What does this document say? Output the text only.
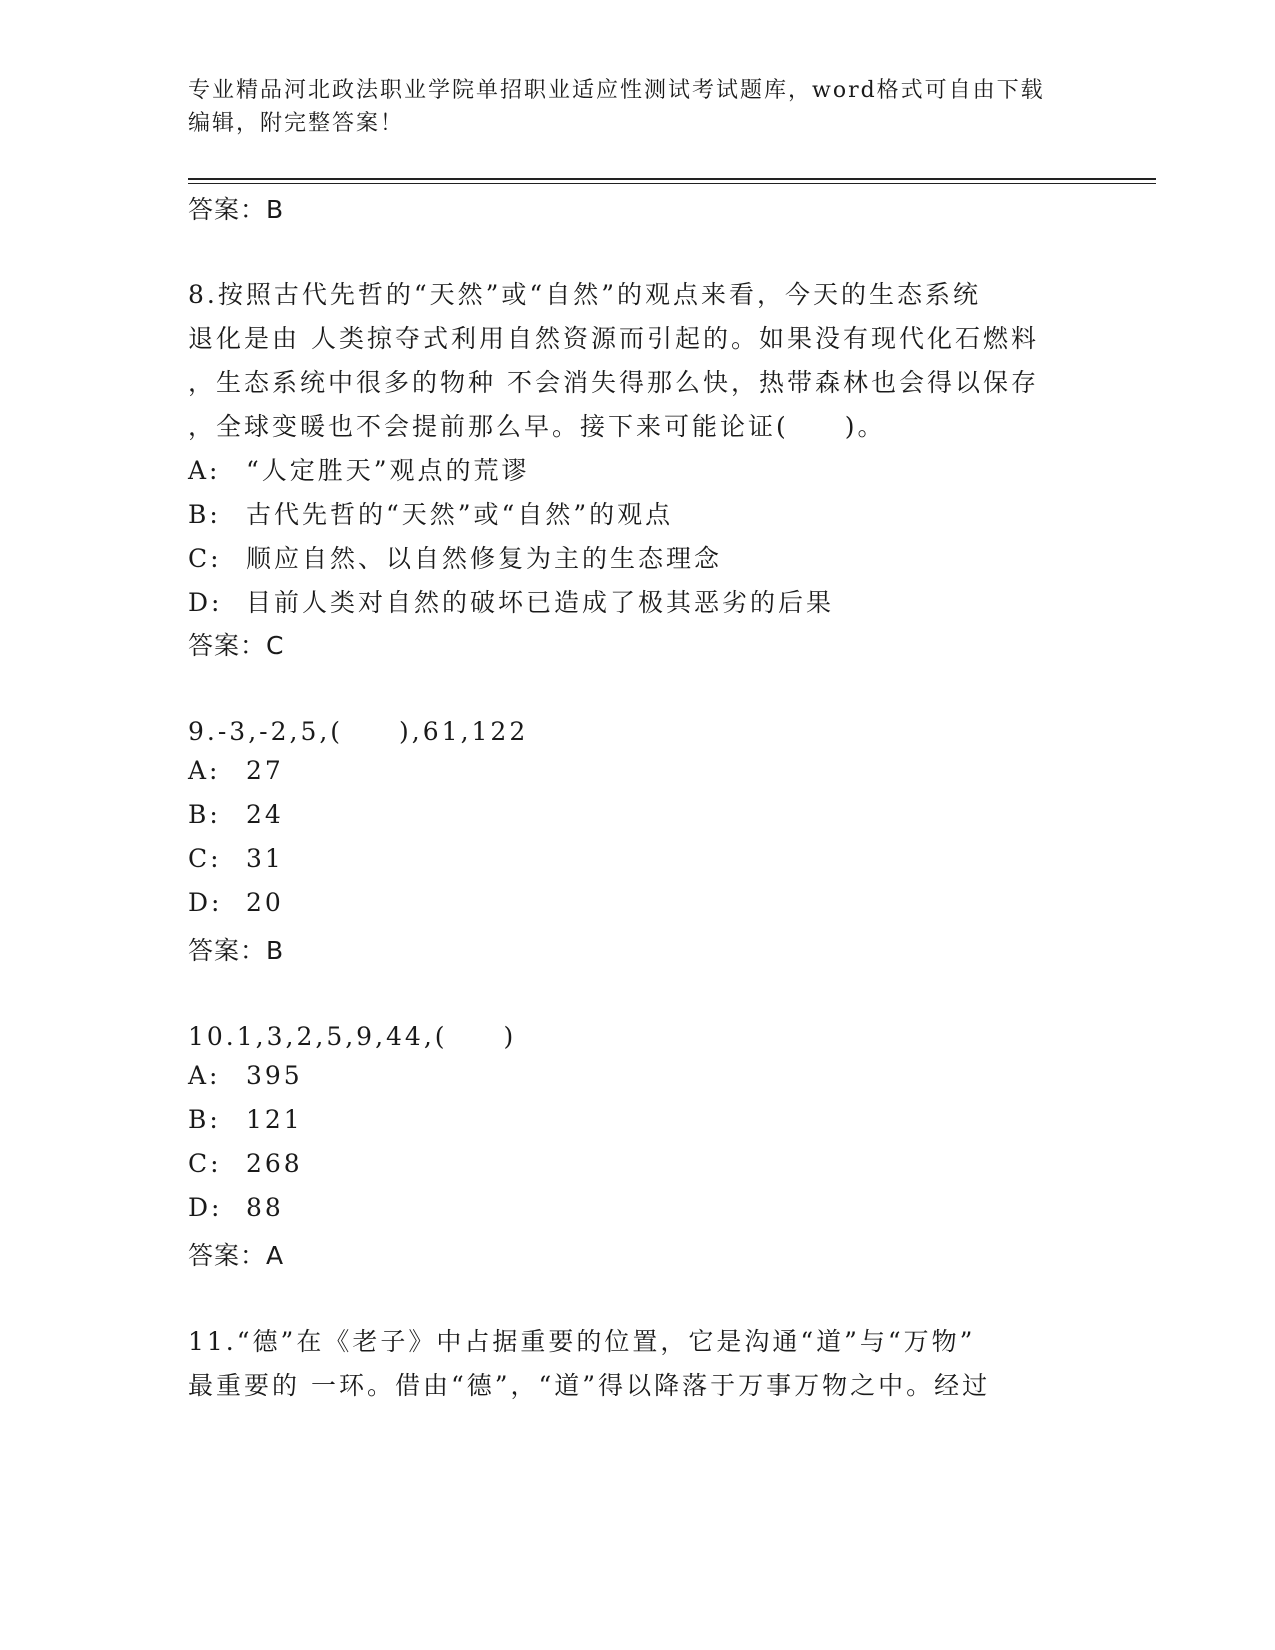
专业精品河北政法职业学院单招职业适应性测试考试题库，word格式可自由下载
编辑，附完整答案！
答案：B
8.按照古代先哲的“天然”或“自然”的观点来看，今天的生态系统
退化是由 人类掠夺式利用自然资源而引起的。如果没有现代化石燃料
，生态系统中很多的物种 不会消失得那么快，热带森林也会得以保存
，全球变暖也不会提前那么早。接下来可能论证(　　)。
A: “人定胜天”观点的荒谬
B: 古代先哲的“天然”或“自然”的观点
C: 顺应自然、以自然修复为主的生态理念
D: 目前人类对自然的破坏已造成了极其恶劣的后果
答案：C
9.-3,-2,5,(　　),61,122
A: 27
B: 24
C: 31
D: 20
答案：B
10.1,3,2,5,9,44,(　　)
A: 395
B: 121
C: 268
D: 88
答案：A
11.“德”在《老子》中占据重要的位置，它是沟通“道”与“万物”
最重要的 一环。借由“德”，“道”得以降落于万事万物之中。经过
